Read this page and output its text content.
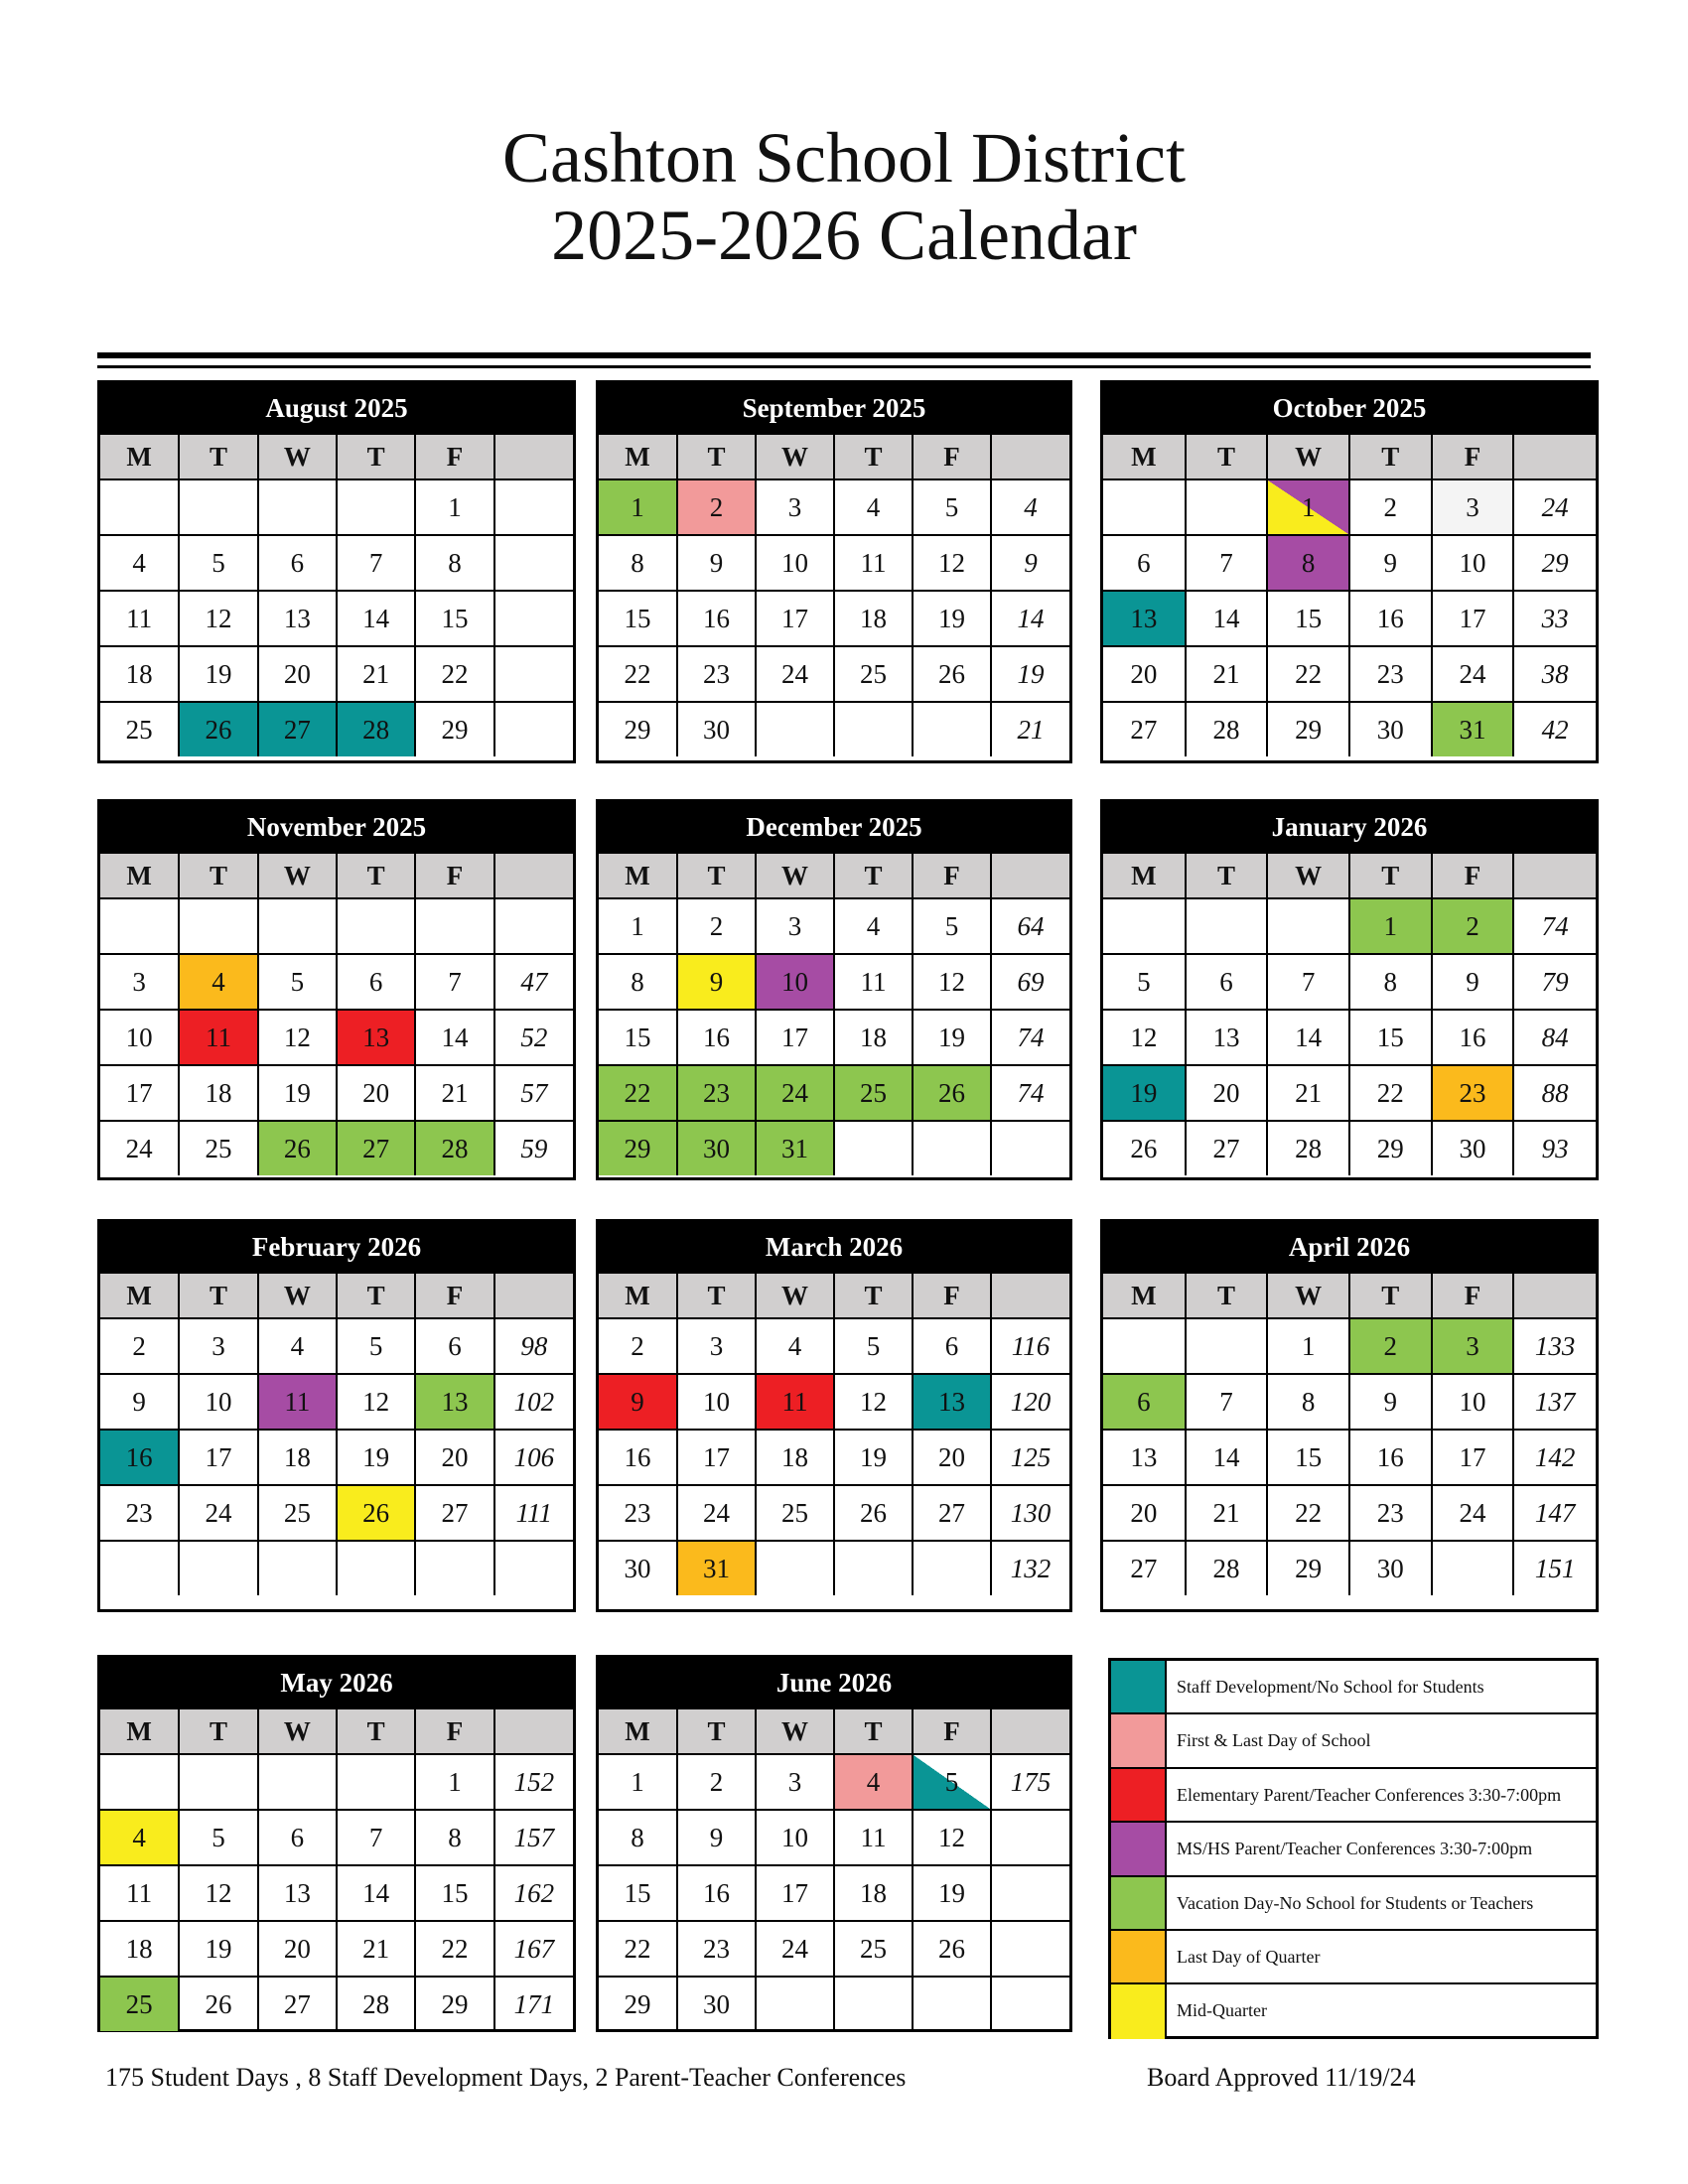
Cashton School District
2025-2026 Calendar
August 2025
M	T	W	T	F	
				1	
4	5	6	7	8	
11	12	13	14	15	
18	19	20	21	22	
25	26	27	28	29	
September 2025
M	T	W	T	F	
1	2	3	4	5	4
8	9	10	11	12	9
15	16	17	18	19	14
22	23	24	25	26	19
29	30				21
October 2025
M	T	W	T	F	
		1	2	3	24
6	7	8	9	10	29
13	14	15	16	17	33
20	21	22	23	24	38
27	28	29	30	31	42
November 2025
M	T	W	T	F	

3	4	5	6	7	47
10	11	12	13	14	52
17	18	19	20	21	57
24	25	26	27	28	59
December 2025
M	T	W	T	F	
1	2	3	4	5	64
8	9	10	11	12	69
15	16	17	18	19	74
22	23	24	25	26	74
29	30	31			
January 2026
M	T	W	T	F	
			1	2	74
5	6	7	8	9	79
12	13	14	15	16	84
19	20	21	22	23	88
26	27	28	29	30	93
February 2026
M	T	W	T	F	
2	3	4	5	6	98
9	10	11	12	13	102
16	17	18	19	20	106
23	24	25	26	27	111

March 2026
M	T	W	T	F	
2	3	4	5	6	116
9	10	11	12	13	120
16	17	18	19	20	125
23	24	25	26	27	130
30	31				132
April 2026
M	T	W	T	F	
		1	2	3	133
6	7	8	9	10	137
13	14	15	16	17	142
20	21	22	23	24	147
27	28	29	30		151
May 2026
M	T	W	T	F	
				1	152
4	5	6	7	8	157
11	12	13	14	15	162
18	19	20	21	22	167
25	26	27	28	29	171
June 2026
M	T	W	T	F	
1	2	3	4	5	175
8	9	10	11	12	
15	16	17	18	19	
22	23	24	25	26	
29	30				
Staff Development/No School for Students
First & Last Day of School
Elementary Parent/Teacher Conferences 3:30-7:00pm
MS/HS Parent/Teacher Conferences 3:30-7:00pm
Vacation Day-No School for Students or Teachers
Last Day of Quarter
Mid-Quarter
175 Student Days , 8 Staff Development Days, 2 Parent-Teacher Conferences	Board Approved 11/19/24
